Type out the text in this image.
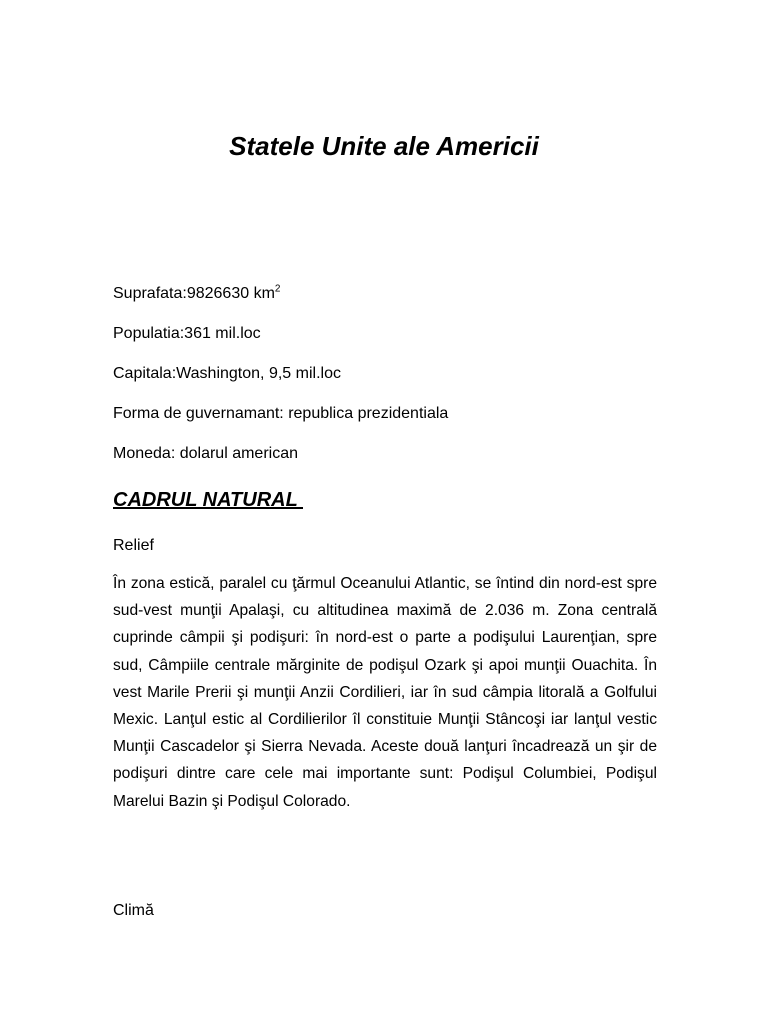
Statele Unite ale Americii
Suprafata:9826630 $km^2$
Populatia:361 mil.loc
Capitala:Washington, 9,5 mil.loc
Forma de guvernamant: republica prezidentiala
Moneda: dolarul american
CADRUL NATURAL
Relief

În zona estică, paralel cu ţărmul Oceanului Atlantic, se întind din nord-est spre sud-vest munţii Apalaşi, cu altitudinea maximă de 2.036 m. Zona centrală cuprinde câmpii şi podişuri: în nord-est o parte a podişului Laurenţian, spre sud, Câmpiile centrale mărginite de podişul Ozark şi apoi munţii Ouachita. În vest Marile Prerii şi munţii Anzii Cordilieri, iar în sud câmpia litorală a Golfului Mexic. Lanţul estic al Cordilierilor îl constituie Munţii Stâncoşi iar lanţul vestic Munţii Cascadelor şi Sierra Nevada. Aceste două lanţuri încadrează un şir de podişuri dintre care cele mai importante sunt: Podişul Columbiei, Podişul Marelui Bazin şi Podişul Colorado.

Climă
